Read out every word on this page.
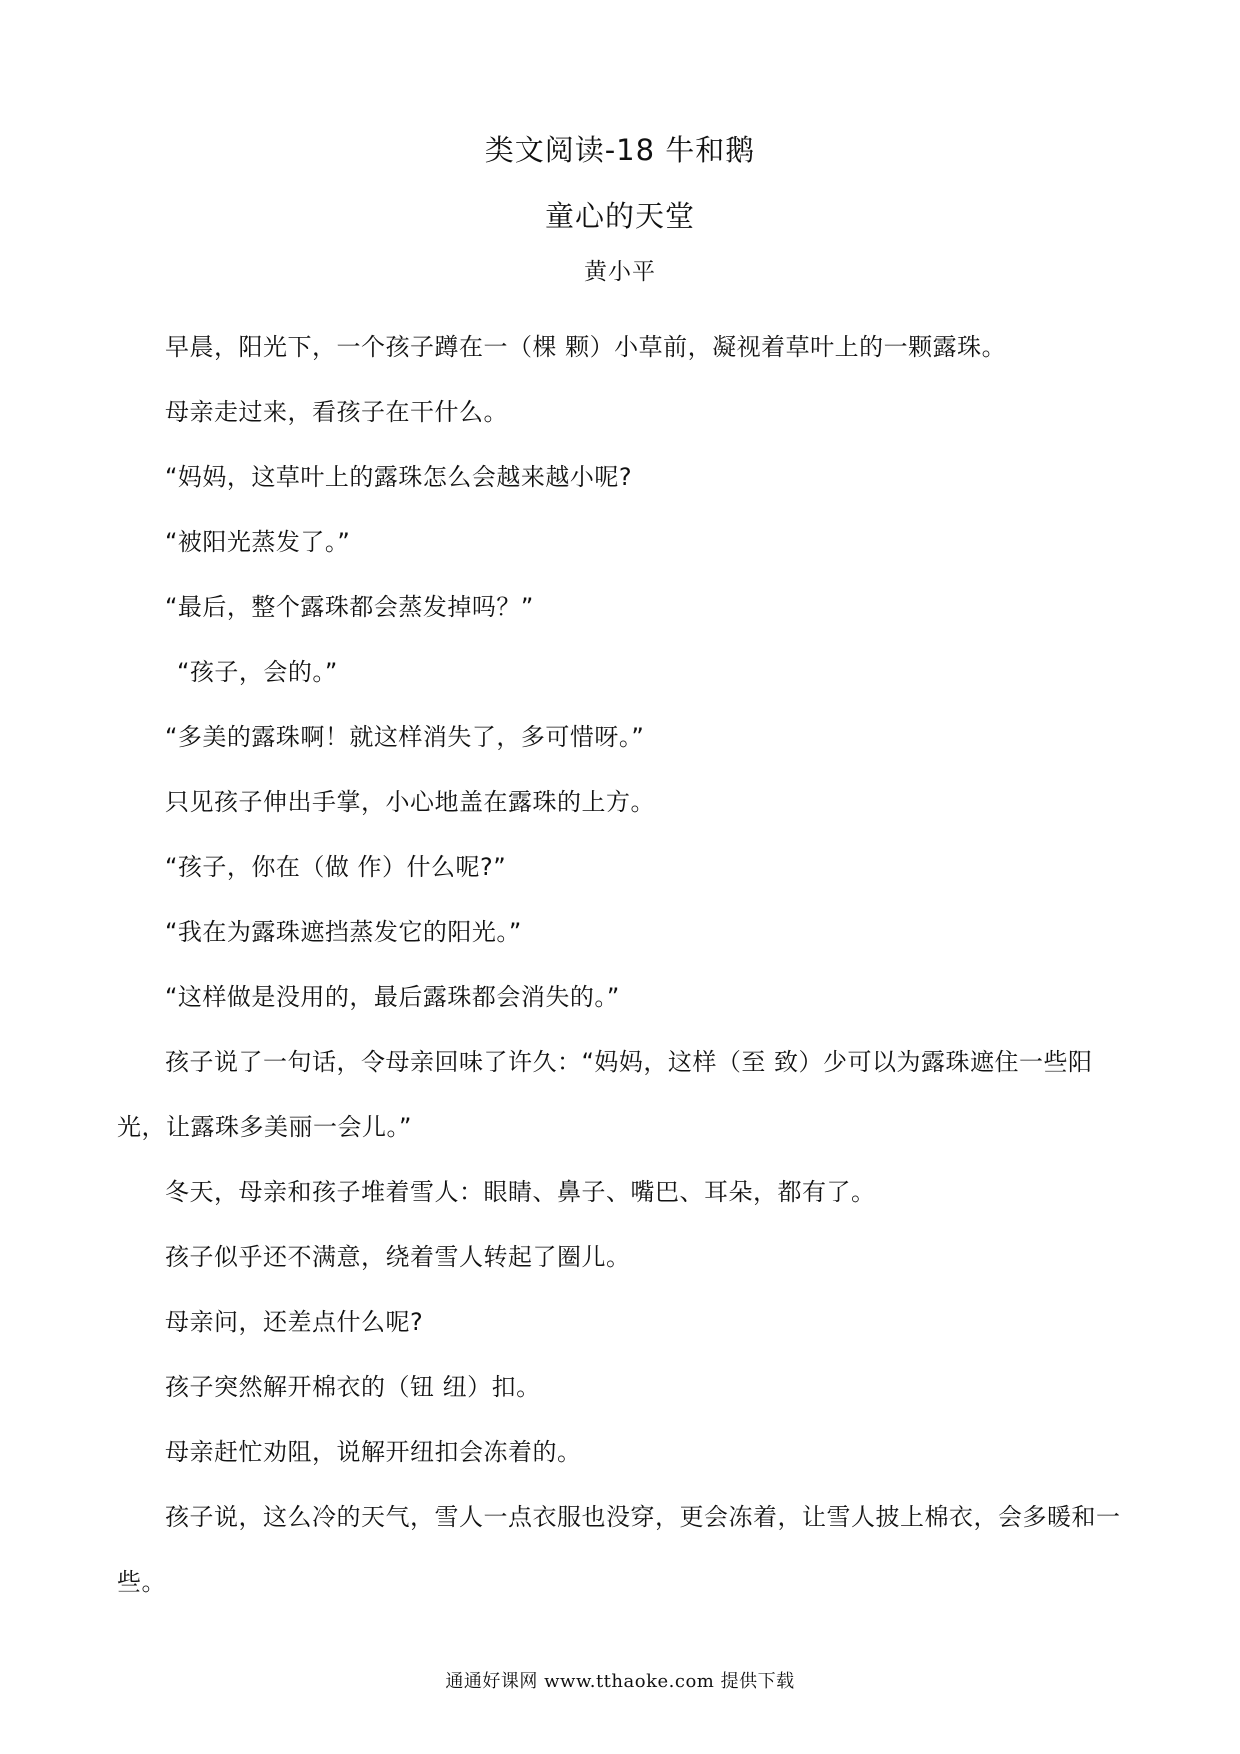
类文阅读-18 牛和鹅
童心的天堂
黄小平

早晨，阳光下，一个孩子蹲在一（棵 颗）小草前，凝视着草叶上的一颗露珠。

母亲走过来，看孩子在干什么。

“妈妈，这草叶上的露珠怎么会越来越小呢?

“被阳光蒸发了。”

“最后，整个露珠都会蒸发掉吗？”

“孩子，会的。”

“多美的露珠啊！就这样消失了，多可惜呀。”

只见孩子伸出手掌，小心地盖在露珠的上方。

“孩子，你在（做 作）什么呢?”

“我在为露珠遮挡蒸发它的阳光。”

“这样做是没用的，最后露珠都会消失的。”

孩子说了一句话，令母亲回味了许久：“妈妈，这样（至 致）少可以为露珠遮住一些阳光，让露珠多美丽一会儿。”

冬天，母亲和孩子堆着雪人：眼睛、鼻子、嘴巴、耳朵，都有了。

孩子似乎还不满意，绕着雪人转起了圈儿。

母亲问，还差点什么呢?

孩子突然解开棉衣的（钮 纽）扣。

母亲赶忙劝阻，说解开纽扣会冻着的。

孩子说，这么冷的天气，雪人一点衣服也没穿，更会冻着，让雪人披上棉衣，会多暖和一些。

通通好课网 www.tthaoke.com 提供下载
